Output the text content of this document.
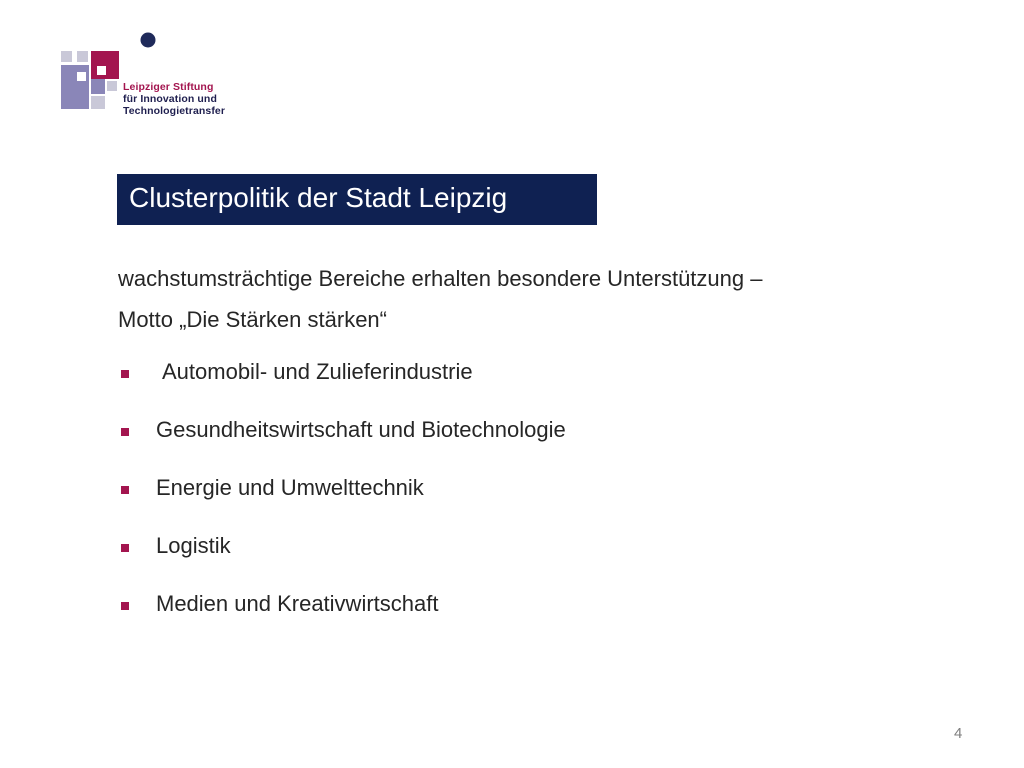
Leipziger Stiftung
für Innovation und
Technologietransfer
Clusterpolitik der Stadt Leipzig
wachstumsträchtige Bereiche erhalten besondere Unterstützung –
Motto „Die Stärken stärken“
Automobil- und Zulieferindustrie
Gesundheitswirtschaft und Biotechnologie
Energie und Umwelttechnik
Logistik
Medien und Kreativwirtschaft
4
